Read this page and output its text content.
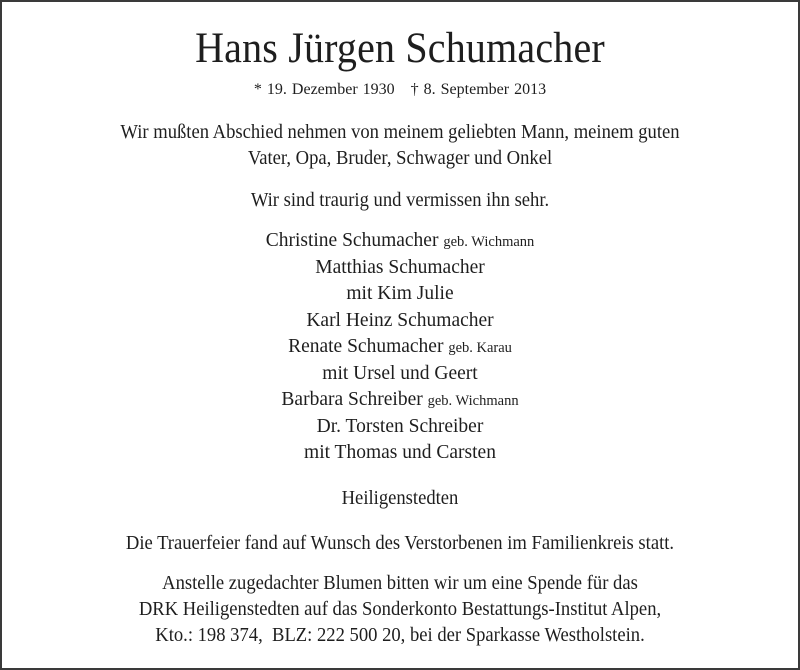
Hans Jürgen Schumacher
* 19. Dezember 1930 † 8. September 2013
Wir mußten Abschied nehmen von meinem geliebten Mann, meinem guten
Vater, Opa, Bruder, Schwager und Onkel
Wir sind traurig und vermissen ihn sehr.
Christine Schumacher geb. Wichmann
Matthias Schumacher
mit Kim Julie
Karl Heinz Schumacher
Renate Schumacher geb. Karau
mit Ursel und Geert
Barbara Schreiber geb. Wichmann
Dr. Torsten Schreiber
mit Thomas und Carsten
Heiligenstedten
Die Trauerfeier fand auf Wunsch des Verstorbenen im Familienkreis statt.
Anstelle zugedachter Blumen bitten wir um eine Spende für das
DRK Heiligenstedten auf das Sonderkonto Bestattungs-Institut Alpen,
Kto.: 198 374,  BLZ: 222 500 20, bei der Sparkasse Westholstein.
